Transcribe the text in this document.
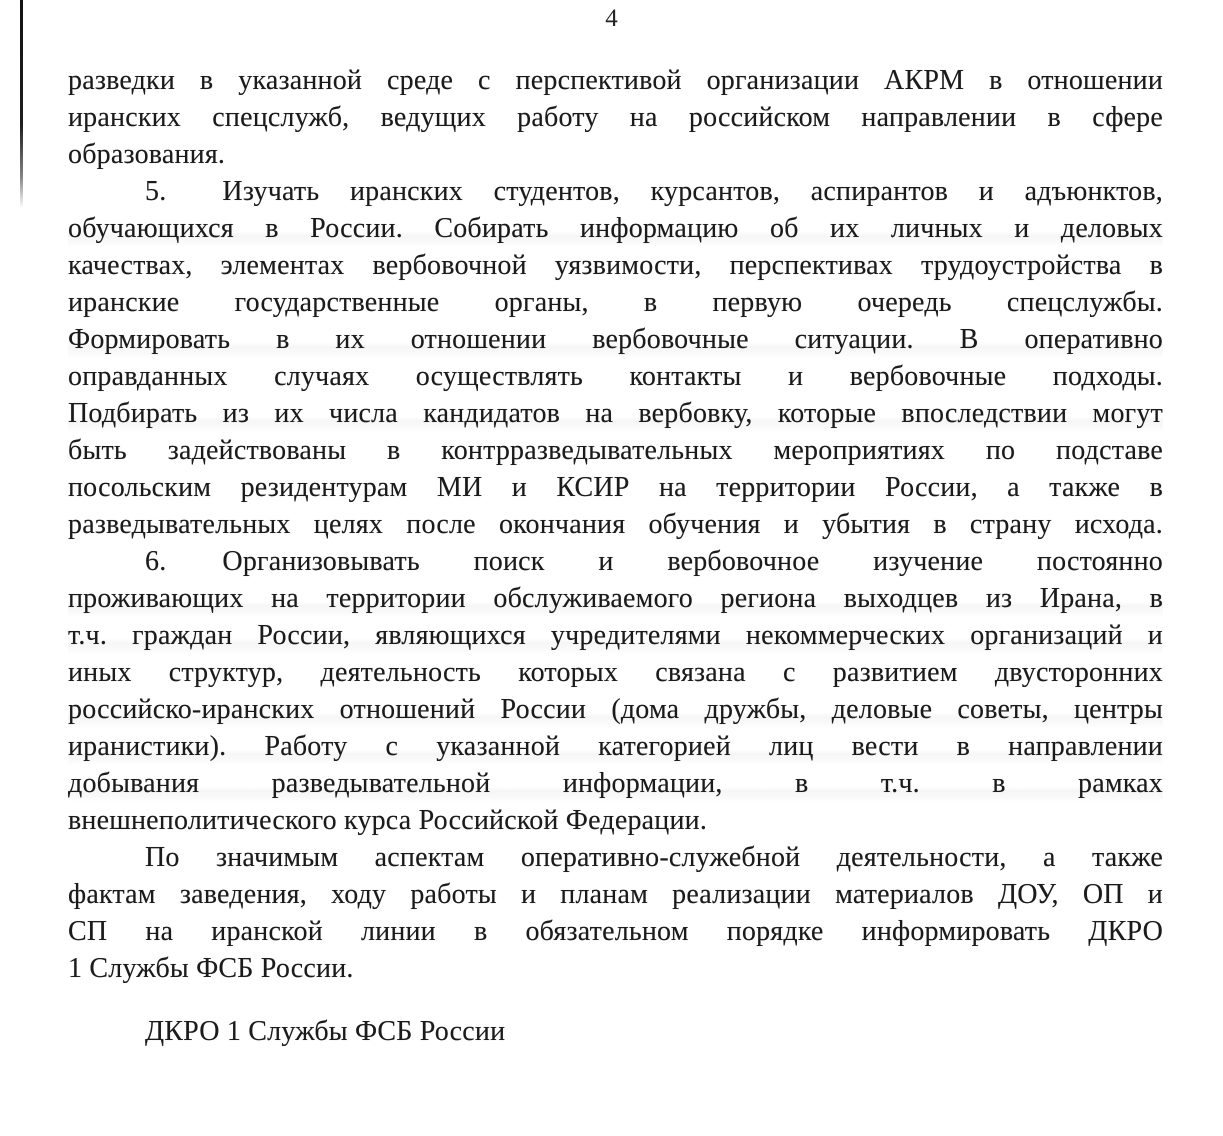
4
разведки в указанной среде с перспективой организации АКРМ в отношении
иранских спецслужб, ведущих работу на российском направлении в сфере
образования.
5. Изучать иранских студентов, курсантов, аспирантов и адъюнктов,
обучающихся в России. Собирать информацию об их личных и деловых
качествах, элементах вербовочной уязвимости, перспективах трудоустройства в
иранские государственные органы, в первую очередь спецслужбы.
Формировать в их отношении вербовочные ситуации. В оперативно
оправданных случаях осуществлять контакты и вербовочные подходы.
Подбирать из их числа кандидатов на вербовку, которые впоследствии могут
быть задействованы в контрразведывательных мероприятиях по подставе
посольским резидентурам МИ и КСИР на территории России, а также в
разведывательных целях после окончания обучения и убытия в страну исхода.
6. Организовывать поиск и вербовочное изучение постоянно
проживающих на территории обслуживаемого региона выходцев из Ирана, в
т.ч. граждан России, являющихся учредителями некоммерческих организаций и
иных структур, деятельность которых связана с развитием двусторонних
российско-иранских отношений России (дома дружбы, деловые советы, центры
иранистики). Работу с указанной категорией лиц вести в направлении
добывания разведывательной информации, в т.ч. в рамках
внешнеполитического курса Российской Федерации.
По значимым аспектам оперативно-служебной деятельности, а также
фактам заведения, ходу работы и планам реализации материалов ДОУ, ОП и
СП на иранской линии в обязательном порядке информировать ДКРО
1 Службы ФСБ России.
ДКРО 1 Службы ФСБ России
